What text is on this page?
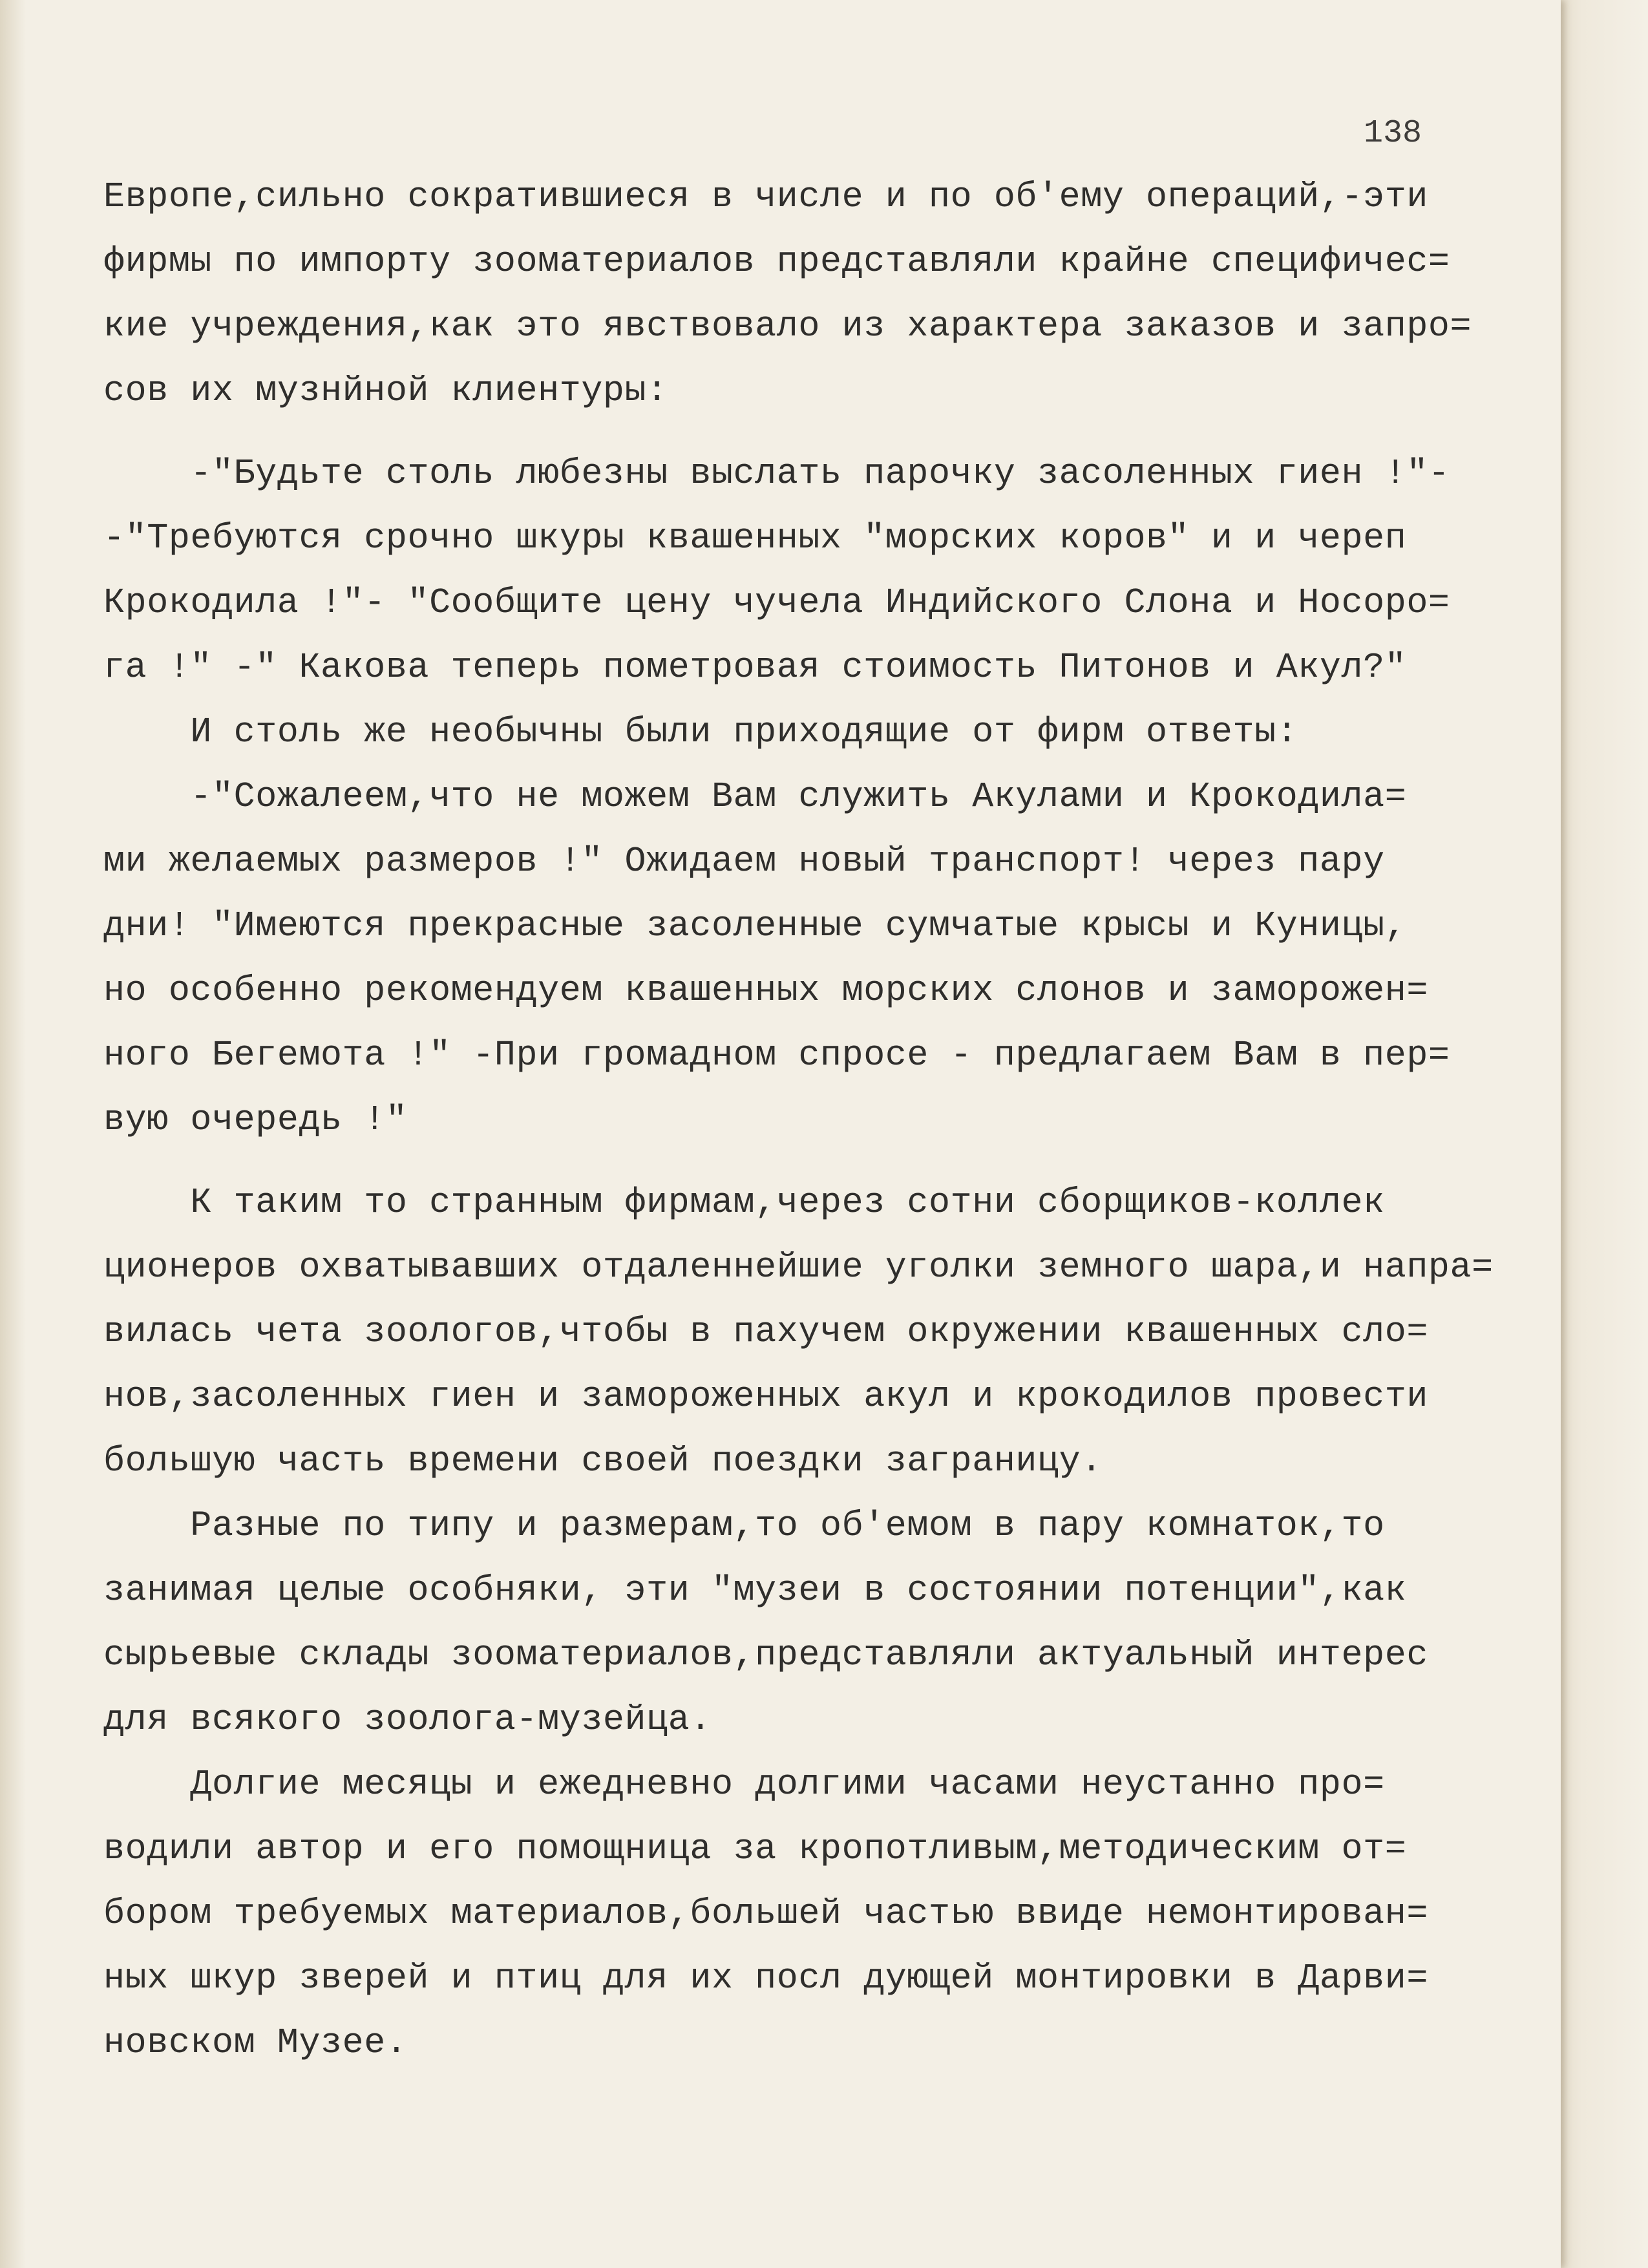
138

Европе,сильно сократившиеся в числе и по об'ему операций,-эти

фирмы по импорту зооматериалов представляли крайне специфичес=

кие учреждения,как это явствовало из характера заказов и запро=

сов их музнйной клиентуры:

-"Будьте столь любезны выслать парочку засоленных гиен !"-

-"Требуются срочно шкуры квашенных "морских коров" и и череп

Крокодила !"- "Сообщите цену чучела Индийского Слона и Носоро=

га !" -" Какова теперь пометровая стоимость Питонов и Акул?"

И столь же необычны были приходящие от фирм ответы:

-"Сожалеем,что не можем Вам служить Акулами и Крокодила=

ми желаемых размеров !" Ожидаем новый транспорт! через пару

дни! "Имеются прекрасные засоленные сумчатые крысы и Куницы,

но особенно рекомендуем квашенных морских слонов и заморожен=

ного Бегемота !" -При громадном спросе - предлагаем Вам в пер=

вую очередь !"

К таким то странным фирмам,через сотни сборщиков-коллек

ционеров охватывавших отдаленнейшие уголки земного шара,и напра=

вилась чета зоологов,чтобы в пахучем окружении квашенных сло=

нов,засоленных гиен и замороженных акул и крокодилов провести

большую часть времени своей поездки заграницу.

Разные по типу и размерам,то об'емом в пару комнаток,то

занимая целые особняки, эти "музеи в состоянии потенции",как

сырьевые склады зооматериалов,представляли актуальный интерес

для всякого зоолога-музейца.

Долгие месяцы и ежедневно долгими часами неустанно про=

водили автор и его помощница за кропотливым,методическим от=

бором требуемых материалов,большей частью ввиде немонтирован=

ных шкур зверей и птиц для их посл дующей монтировки в Дарви=

новском Музее.
